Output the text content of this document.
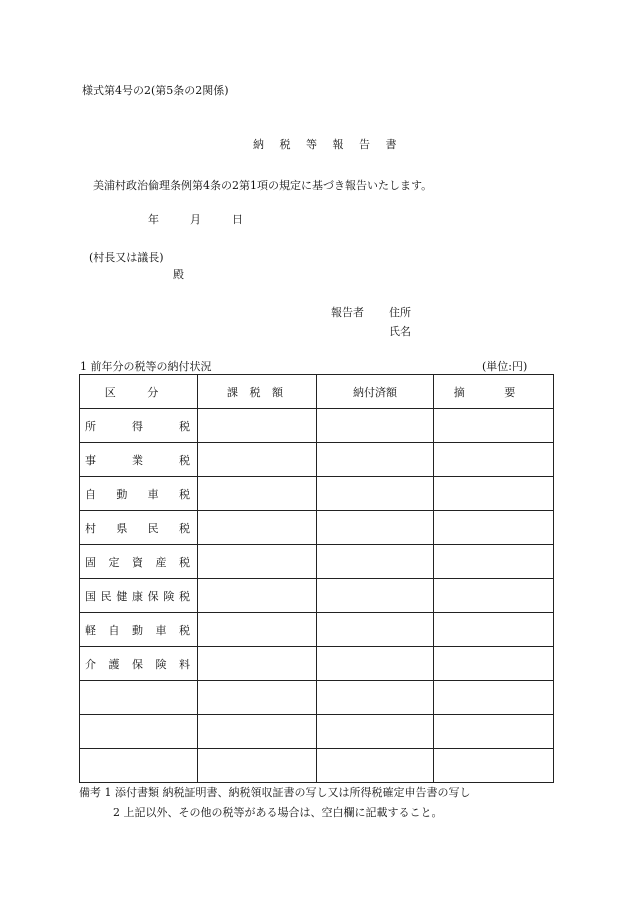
様式第4号の2(第5条の2関係)
納 税 等 報 告 書
美浦村政治倫理条例第4条の2第1項の規定に基づき報告いたします。
年	月	日
(村長又は議長)
殿
報告者 住所
氏名
1 前年分の税等の納付状況	(単位:円)
区 分	課 税 額	納付済額	摘 要
所得税			
事業税			
自動車税			
村県民税			
固定資産税			
国民健康保険税			
軽自動車税			
介護保険料			

備考 1 添付書類 納税証明書、納税領収証書の写し又は所得税確定申告書の写し
2 上記以外、その他の税等がある場合は、空白欄に記載すること。
